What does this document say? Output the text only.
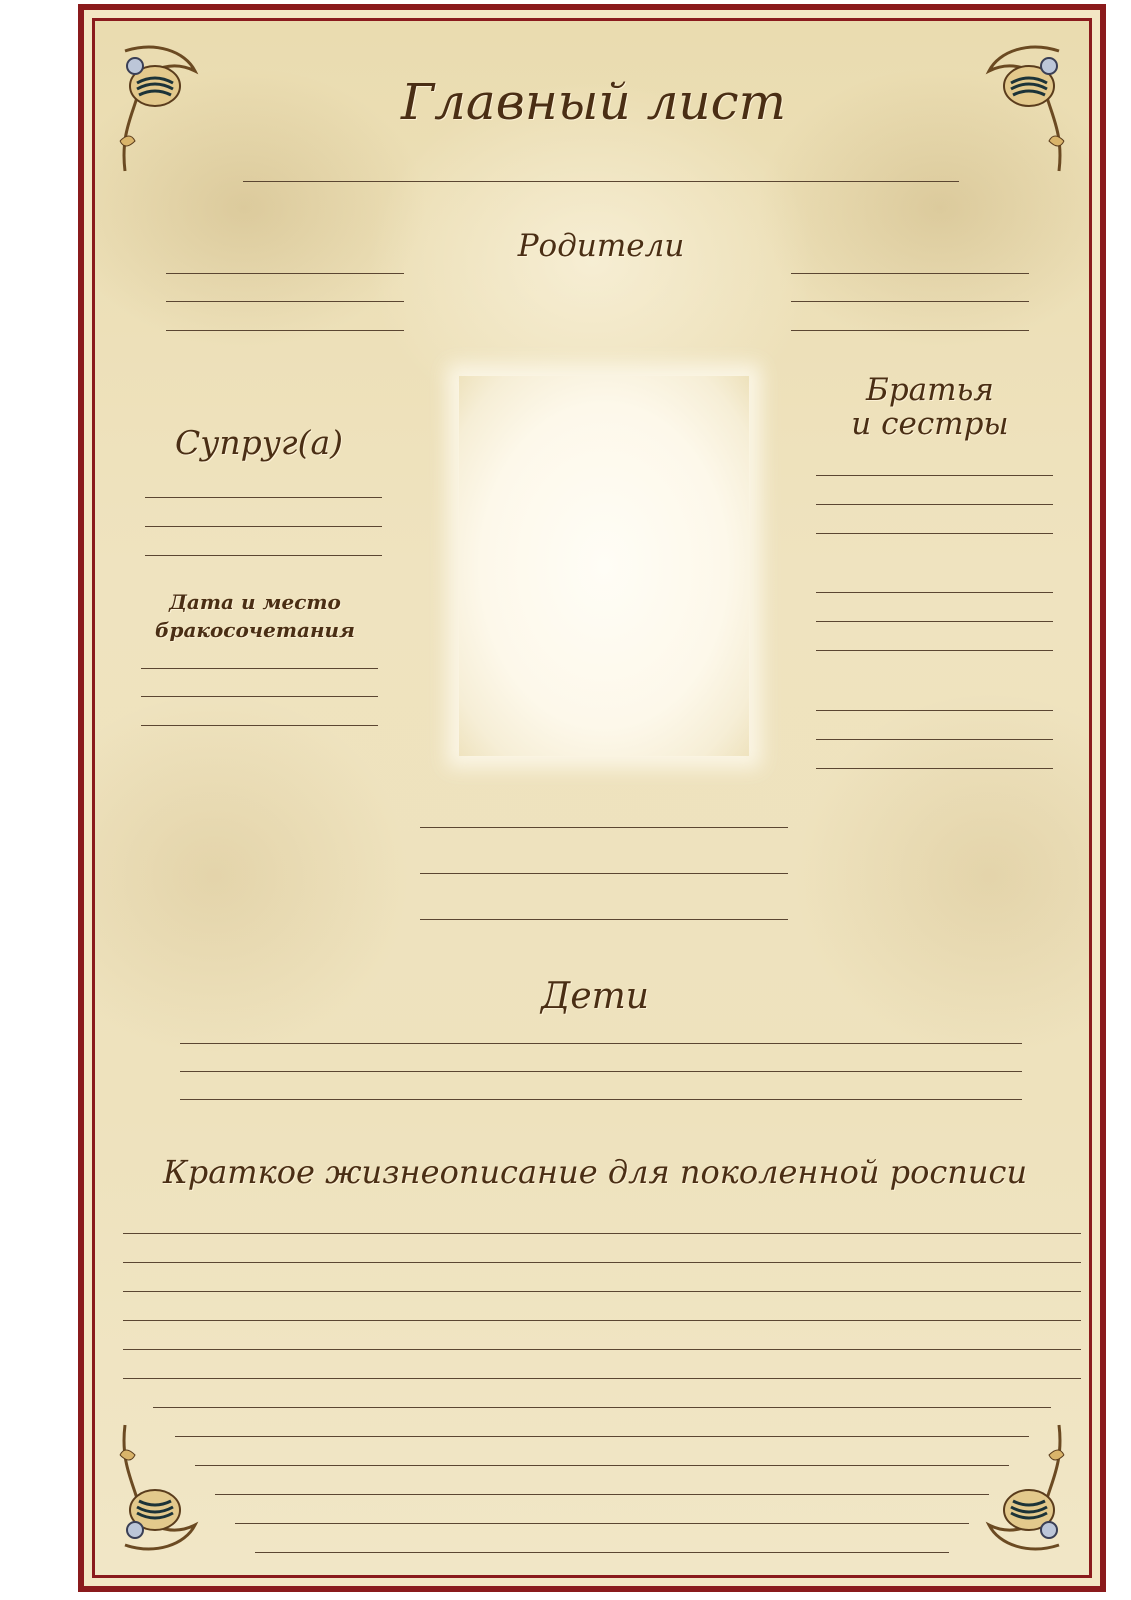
Главный лист
Родители
Братья
и сестры
Супруг(а)
Дата и место
бракосочетания
Дети
Краткое жизнеописание для поколенной росписи
